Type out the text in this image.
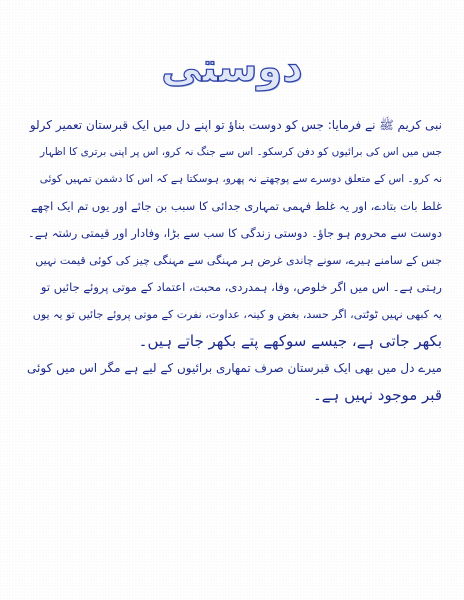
دوستی
نبی کریم ﷺ نے فرمایا: جس کو دوست بناؤ تو اپنے دل میں ایک قبرستان تعمیر کرلو
جس میں اس کی برائیوں کو دفن کرسکو۔ اس سے جنگ نہ کرو، اس پر اپنی برتری کا اظہار
نہ کرو۔ اس کے متعلق دوسرے سے پوچھتے نہ پھرو، ہوسکتا ہے کہ اس کا دشمن تمہیں کوئی
غلط بات بتادے، اور یہ غلط فہمی تمہاری جدائی کا سبب بن جائے اور یوں تم ایک اچھے
دوست سے محروم ہو جاؤ۔ دوستی زندگی کا سب سے بڑا، وفادار اور قیمتی رشتہ ہے۔
جس کے سامنے ہیرے، سونے چاندی غرض ہر مہنگی سے مہنگی چیز کی کوئی قیمت نہیں
رہتی ہے۔ اس میں اگر خلوص، وفا، ہمدردی، محبت، اعتماد کے موتی پروئے جائیں تو
یہ کبھی نہیں ٹوٹتی، اگر حسد، بغض و کینہ، عداوت، نفرت کے موتی پروئے جائیں تو یہ یوں
بکھر جاتی ہے، جیسے سوکھے پتے بکھر جاتے ہیں۔
میرے دل میں بھی ایک قبرستان صرف تمھاری برائیوں کے لیے ہے مگر اس میں کوئی
قبر موجود نہیں ہے۔
